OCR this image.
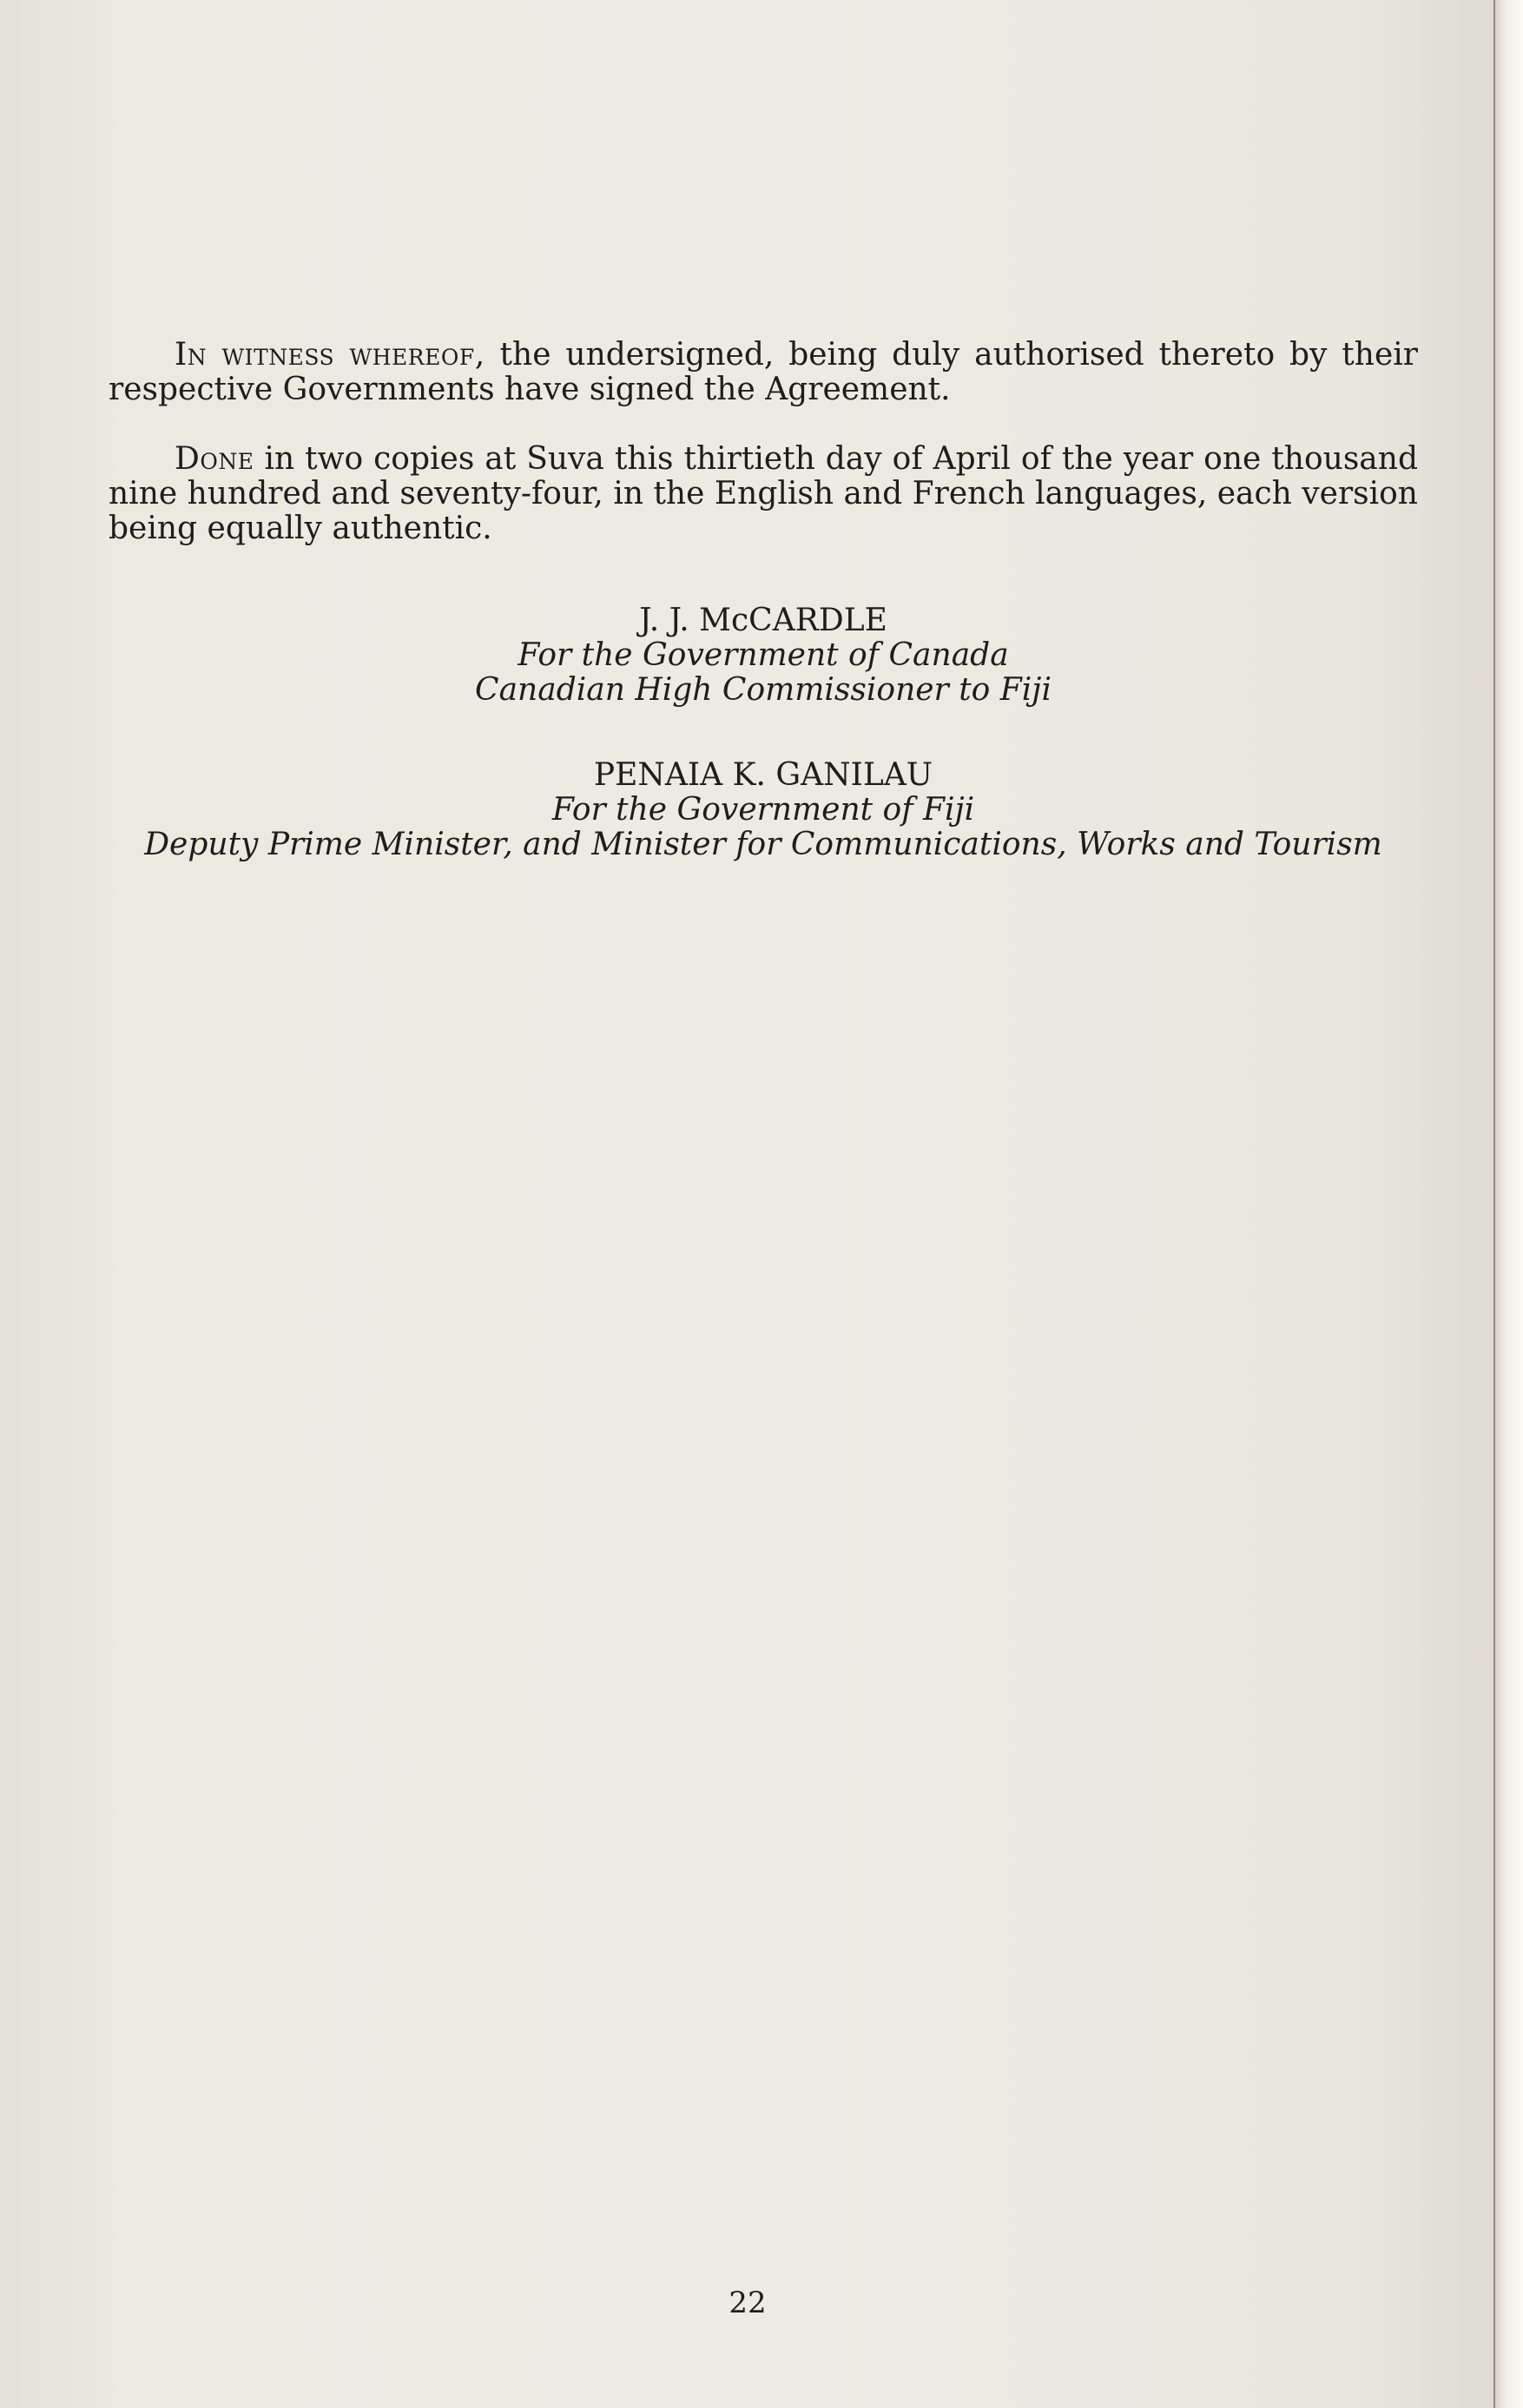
In witness whereof, the undersigned, being duly authorised thereto by their respective Governments have signed the Agreement.

Done in two copies at Suva this thirtieth day of April of the year one thousand nine hundred and seventy-four, in the English and French languages, each version being equally authentic.

J. J. McCARDLE
For the Government of Canada
Canadian High Commissioner to Fiji
PENAIA K. GANILAU
For the Government of Fiji
Deputy Prime Minister, and Minister for Communications, Works and Tourism
22
